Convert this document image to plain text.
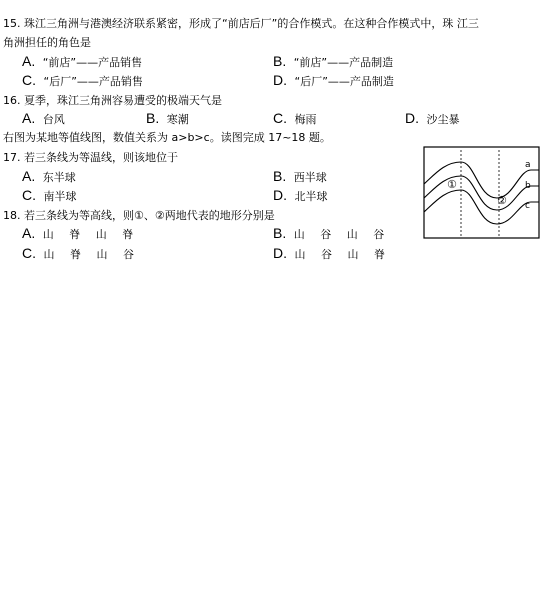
15. 珠江三角洲与港澳经济联系紧密，形成了“前店后厂”的合作模式。在这种合作模式中，珠 江三
角洲担任的角色是
A. “前店”——产品销售	B. “前店”——产品制造
C. “后厂”——产品销售	D. “后厂”——产品制造
16. 夏季，珠江三角洲容易遭受的极端天气是
A. 台风	B. 寒潮	C. 梅雨	D. 沙尘暴
右图为某地等值线图，数值关系为 a>b>c。读图完成 17~18 题。
17. 若三条线为等温线，则该地位于
A. 东半球	B. 西半球
C. 南半球	D. 北半球
18. 若三条线为等高线，则①、②两地代表的地形分别是
A. 山 脊 山 脊	B. 山 谷 山 谷
C. 山 脊 山 谷	D. 山 谷 山 脊
①
②
a
b
c
